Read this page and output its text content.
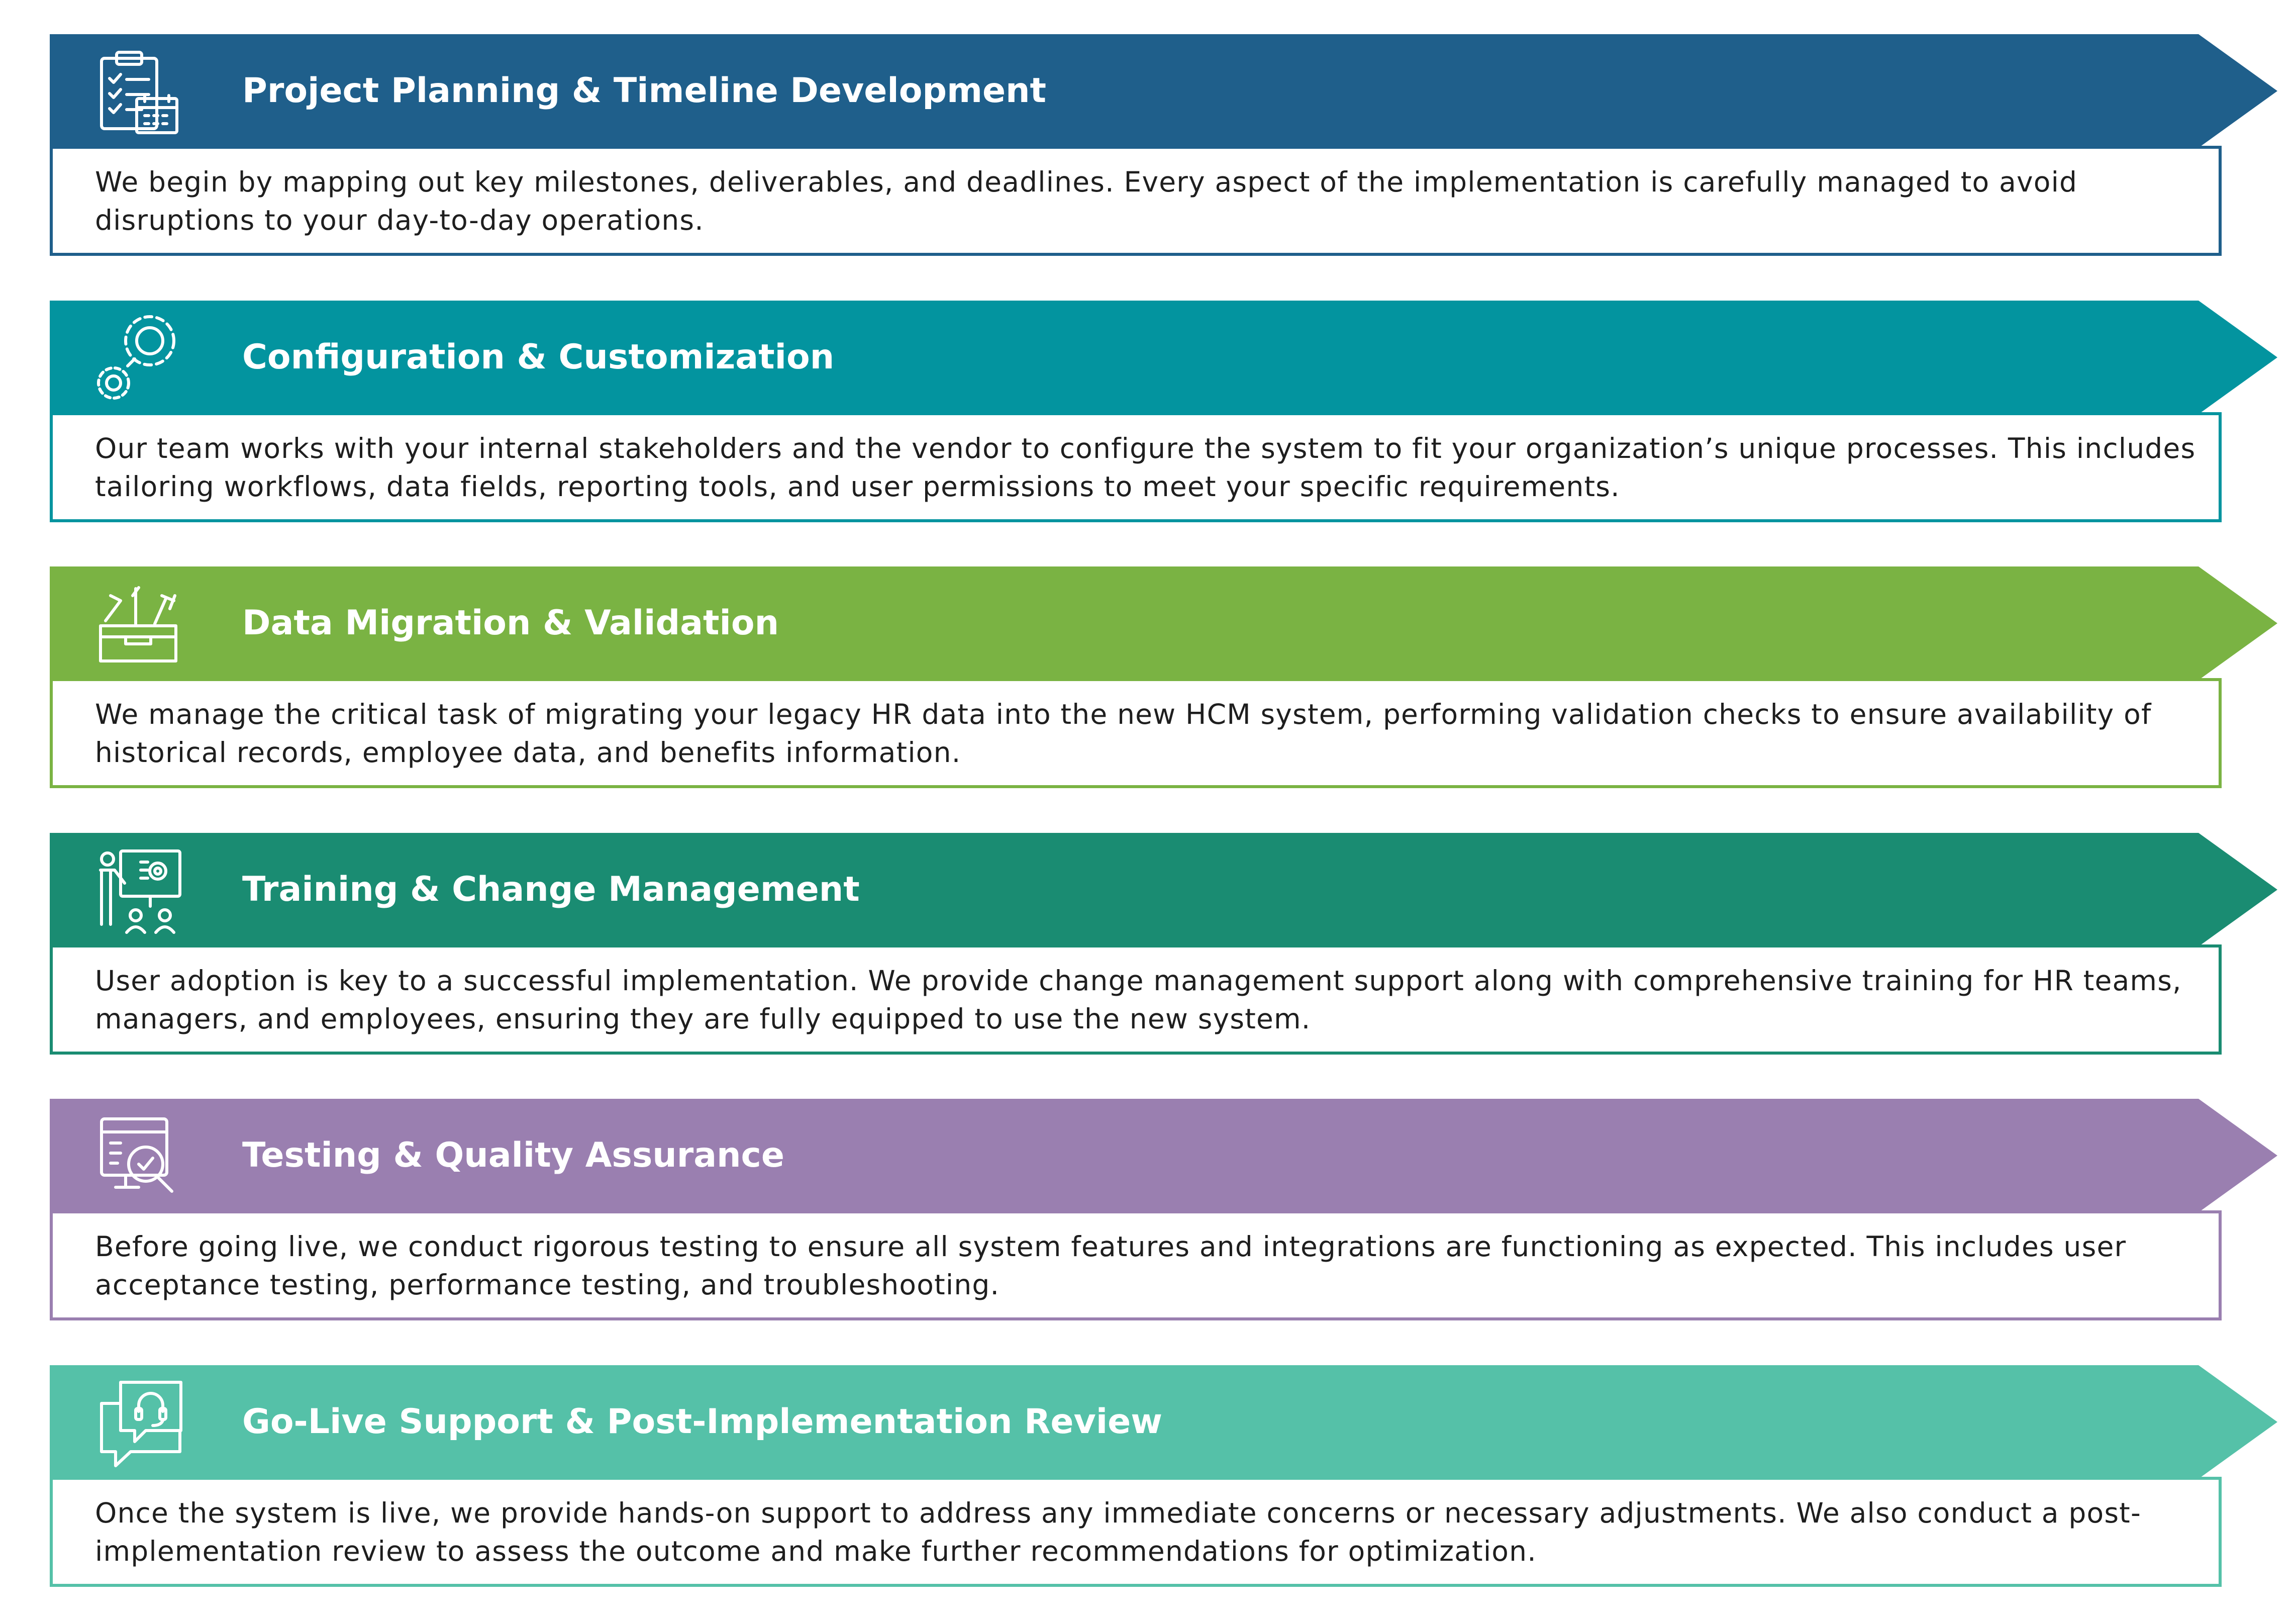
Project Planning & Timeline Development
We begin by mapping out key milestones, deliverables, and deadlines. Every aspect of the implementation is carefully managed to avoid disruptions to your day-to-day operations.
Configuration & Customization
Our team works with your internal stakeholders and the vendor to configure the system to fit your organization’s unique processes. This includes tailoring workflows, data fields, reporting tools, and user permissions to meet your specific requirements.
Data Migration & Validation
We manage the critical task of migrating your legacy HR data into the new HCM system, performing validation checks to ensure availability of historical records, employee data, and benefits information.
Training & Change Management
User adoption is key to a successful implementation. We provide change management support along with comprehensive training for HR teams, managers, and employees, ensuring they are fully equipped to use the new system.
Testing & Quality Assurance
Before going live, we conduct rigorous testing to ensure all system features and integrations are functioning as expected. This includes user acceptance testing, performance testing, and troubleshooting.
Go-Live Support & Post-Implementation Review
Once the system is live, we provide hands-on support to address any immediate concerns or necessary adjustments. We also conduct a post-implementation review to assess the outcome and make further recommendations for optimization.
